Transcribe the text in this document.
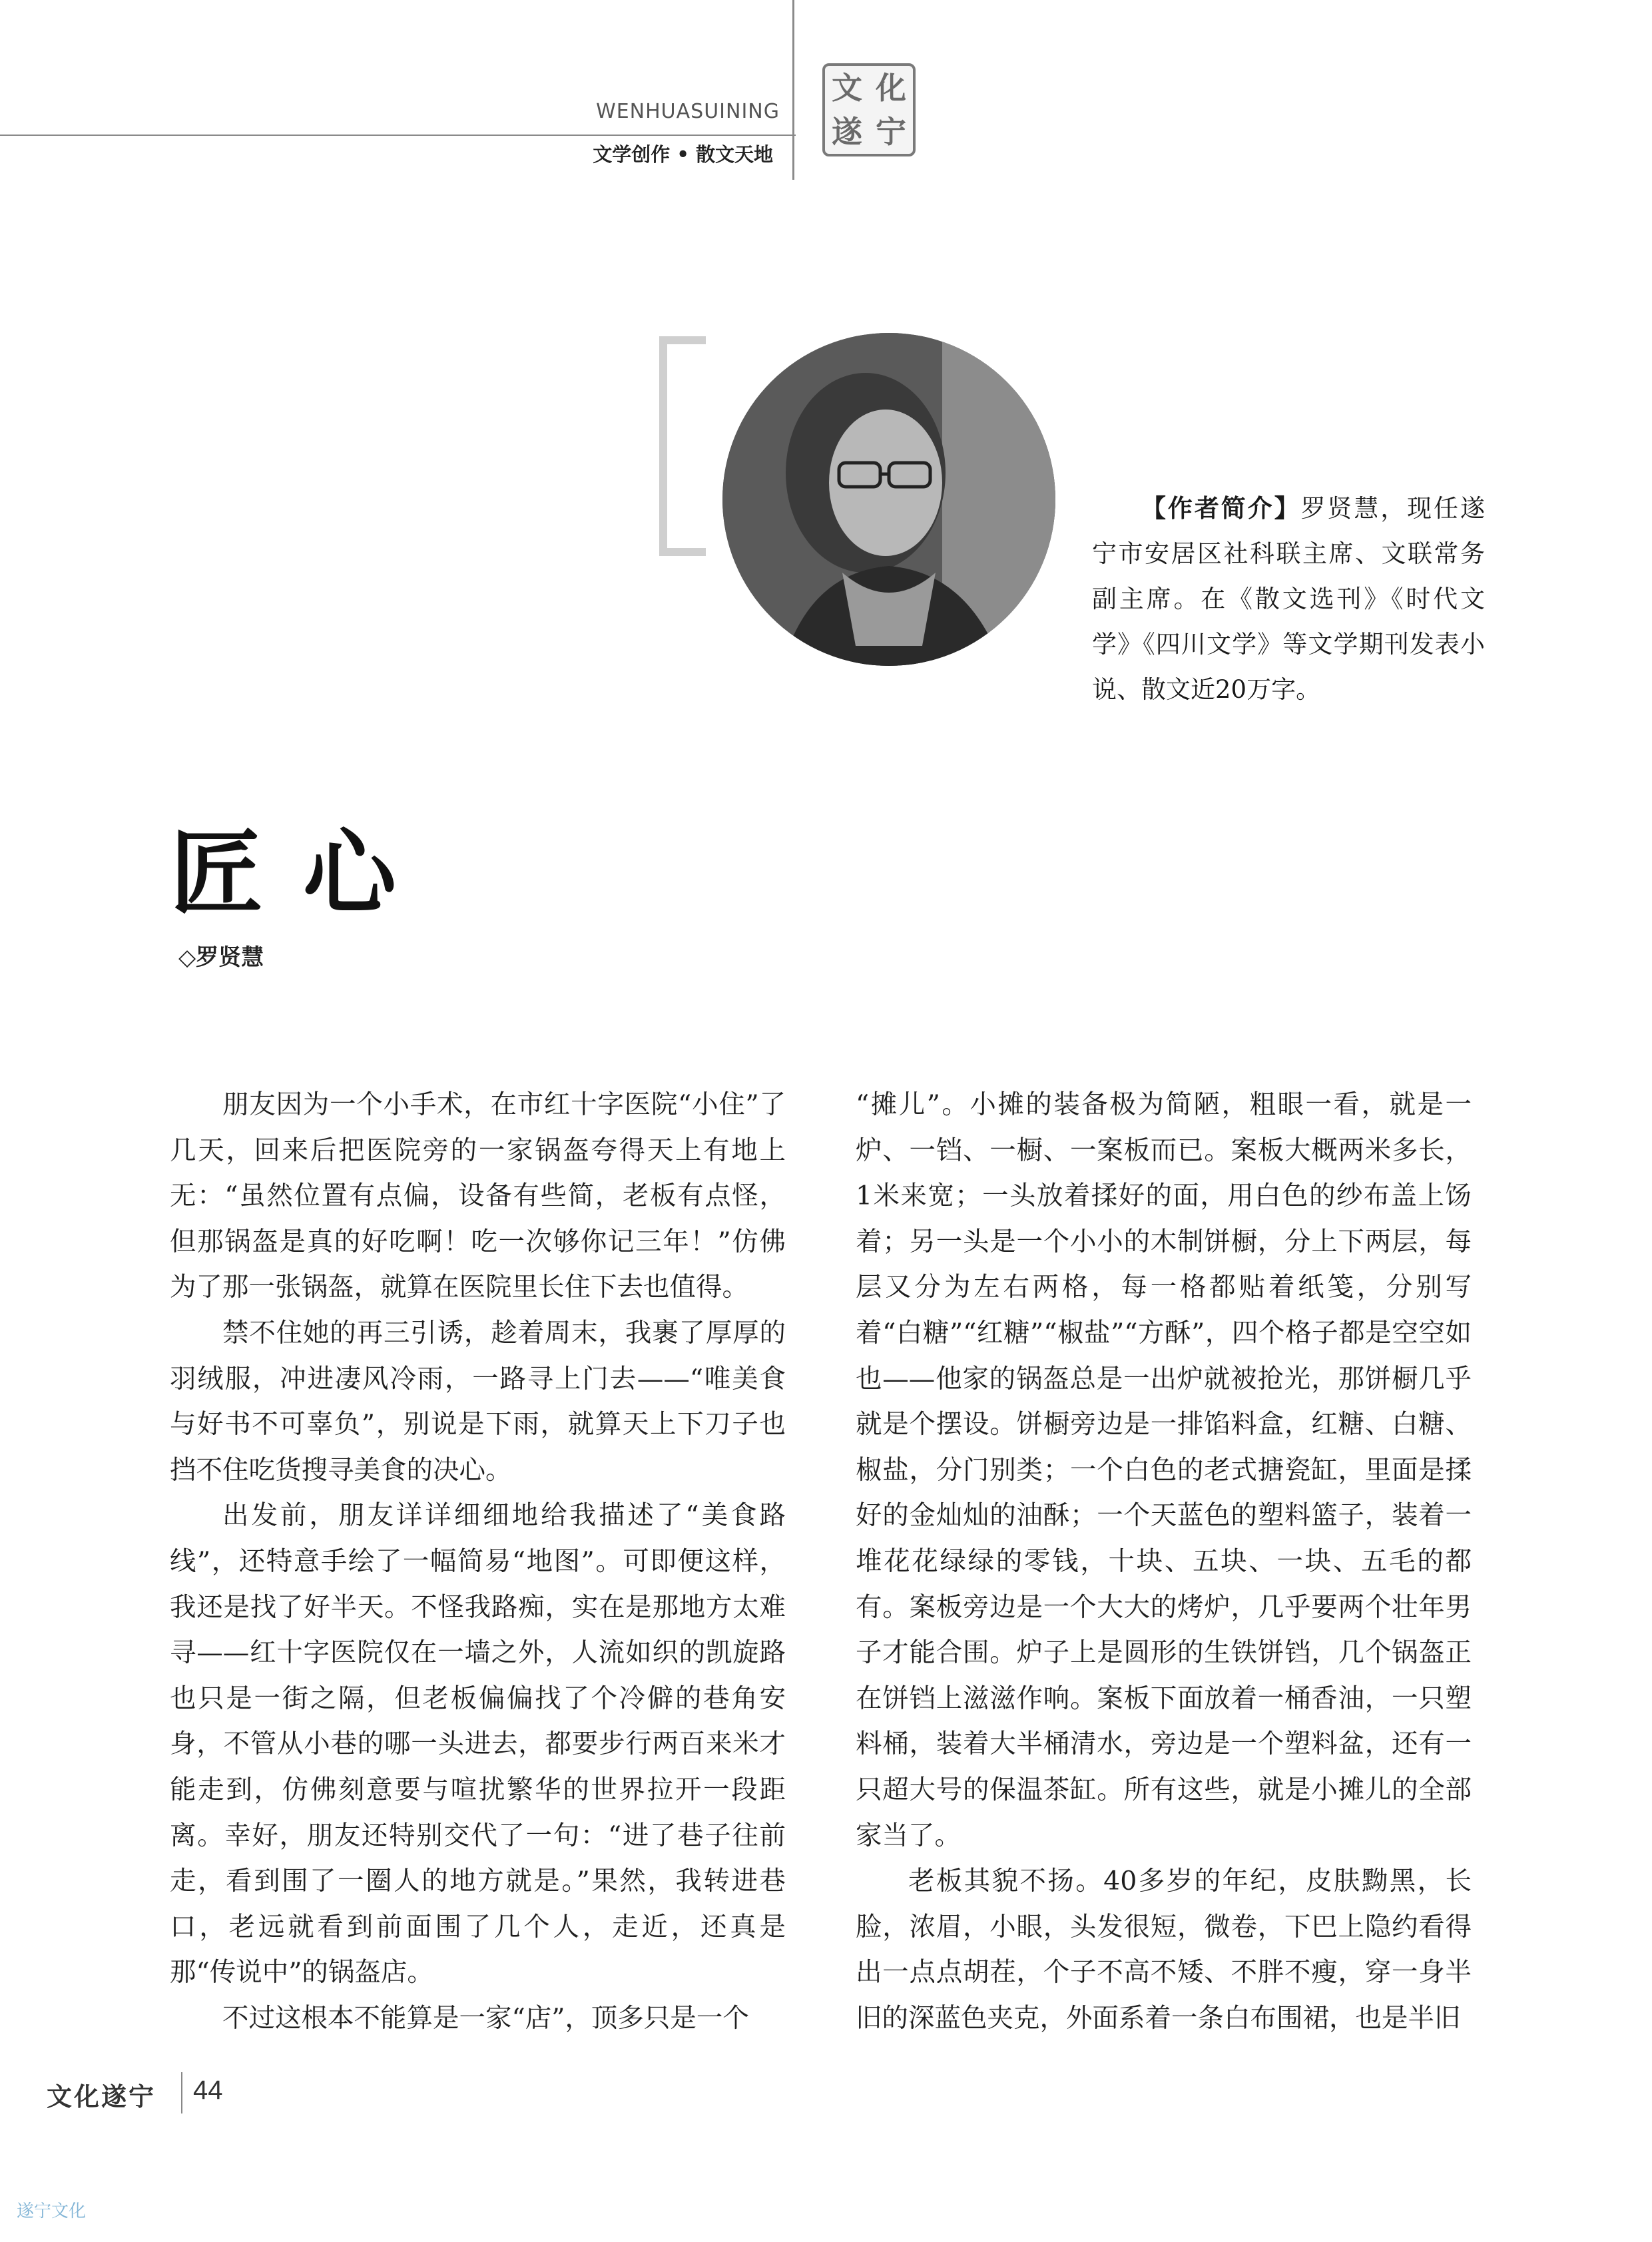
WENHUASUINING
文学创作 • 散文天地
文 化
遂 宁
【作者简介】罗贤慧，现任遂宁市安居区社科联主席、文联常务副主席。在《散文选刊》《时代文学》《四川文学》等文学期刊发表小说、散文近20万字。
匠心
◇罗贤慧

朋友因为一个小手术，在市红十字医院“小住”了几天，回来后把医院旁的一家锅盔夸得天上有地上无：“虽然位置有点偏，设备有些简，老板有点怪，但那锅盔是真的好吃啊！吃一次够你记三年！”仿佛为了那一张锅盔，就算在医院里长住下去也值得。

禁不住她的再三引诱，趁着周末，我裹了厚厚的羽绒服，冲进凄风冷雨，一路寻上门去——“唯美食与好书不可辜负”，别说是下雨，就算天上下刀子也挡不住吃货搜寻美食的决心。

出发前，朋友详详细细地给我描述了“美食路线”，还特意手绘了一幅简易“地图”。可即便这样，我还是找了好半天。不怪我路痴，实在是那地方太难寻——红十字医院仅在一墙之外，人流如织的凯旋路也只是一街之隔，但老板偏偏找了个冷僻的巷角安身，不管从小巷的哪一头进去，都要步行两百来米才能走到，仿佛刻意要与喧扰繁华的世界拉开一段距离。幸好，朋友还特别交代了一句：“进了巷子往前走，看到围了一圈人的地方就是。”果然，我转进巷口，老远就看到前面围了几个人，走近，还真是那“传说中”的锅盔店。

不过这根本不能算是一家“店”，顶多只是一个

“摊儿”。小摊的装备极为简陋，粗眼一看，就是一炉、一铛、一橱、一案板而已。案板大概两米多长，1米来宽；一头放着揉好的面，用白色的纱布盖上饧着；另一头是一个小小的木制饼橱，分上下两层，每层又分为左右两格，每一格都贴着纸笺，分别写着“白糖”“红糖”“椒盐”“方酥”，四个格子都是空空如也——他家的锅盔总是一出炉就被抢光，那饼橱几乎就是个摆设。饼橱旁边是一排馅料盒，红糖、白糖、椒盐，分门别类；一个白色的老式搪瓷缸，里面是揉好的金灿灿的油酥；一个天蓝色的塑料篮子，装着一堆花花绿绿的零钱，十块、五块、一块、五毛的都有。案板旁边是一个大大的烤炉，几乎要两个壮年男子才能合围。炉子上是圆形的生铁饼铛，几个锅盔正在饼铛上滋滋作响。案板下面放着一桶香油，一只塑料桶，装着大半桶清水，旁边是一个塑料盆，还有一只超大号的保温茶缸。所有这些，就是小摊儿的全部家当了。

老板其貌不扬。40多岁的年纪，皮肤黝黑，长脸，浓眉，小眼，头发很短，微卷，下巴上隐约看得出一点点胡茬，个子不高不矮、不胖不瘦，穿一身半旧的深蓝色夹克，外面系着一条白布围裙，也是半旧

文化遂宁 44
遂宁文化
